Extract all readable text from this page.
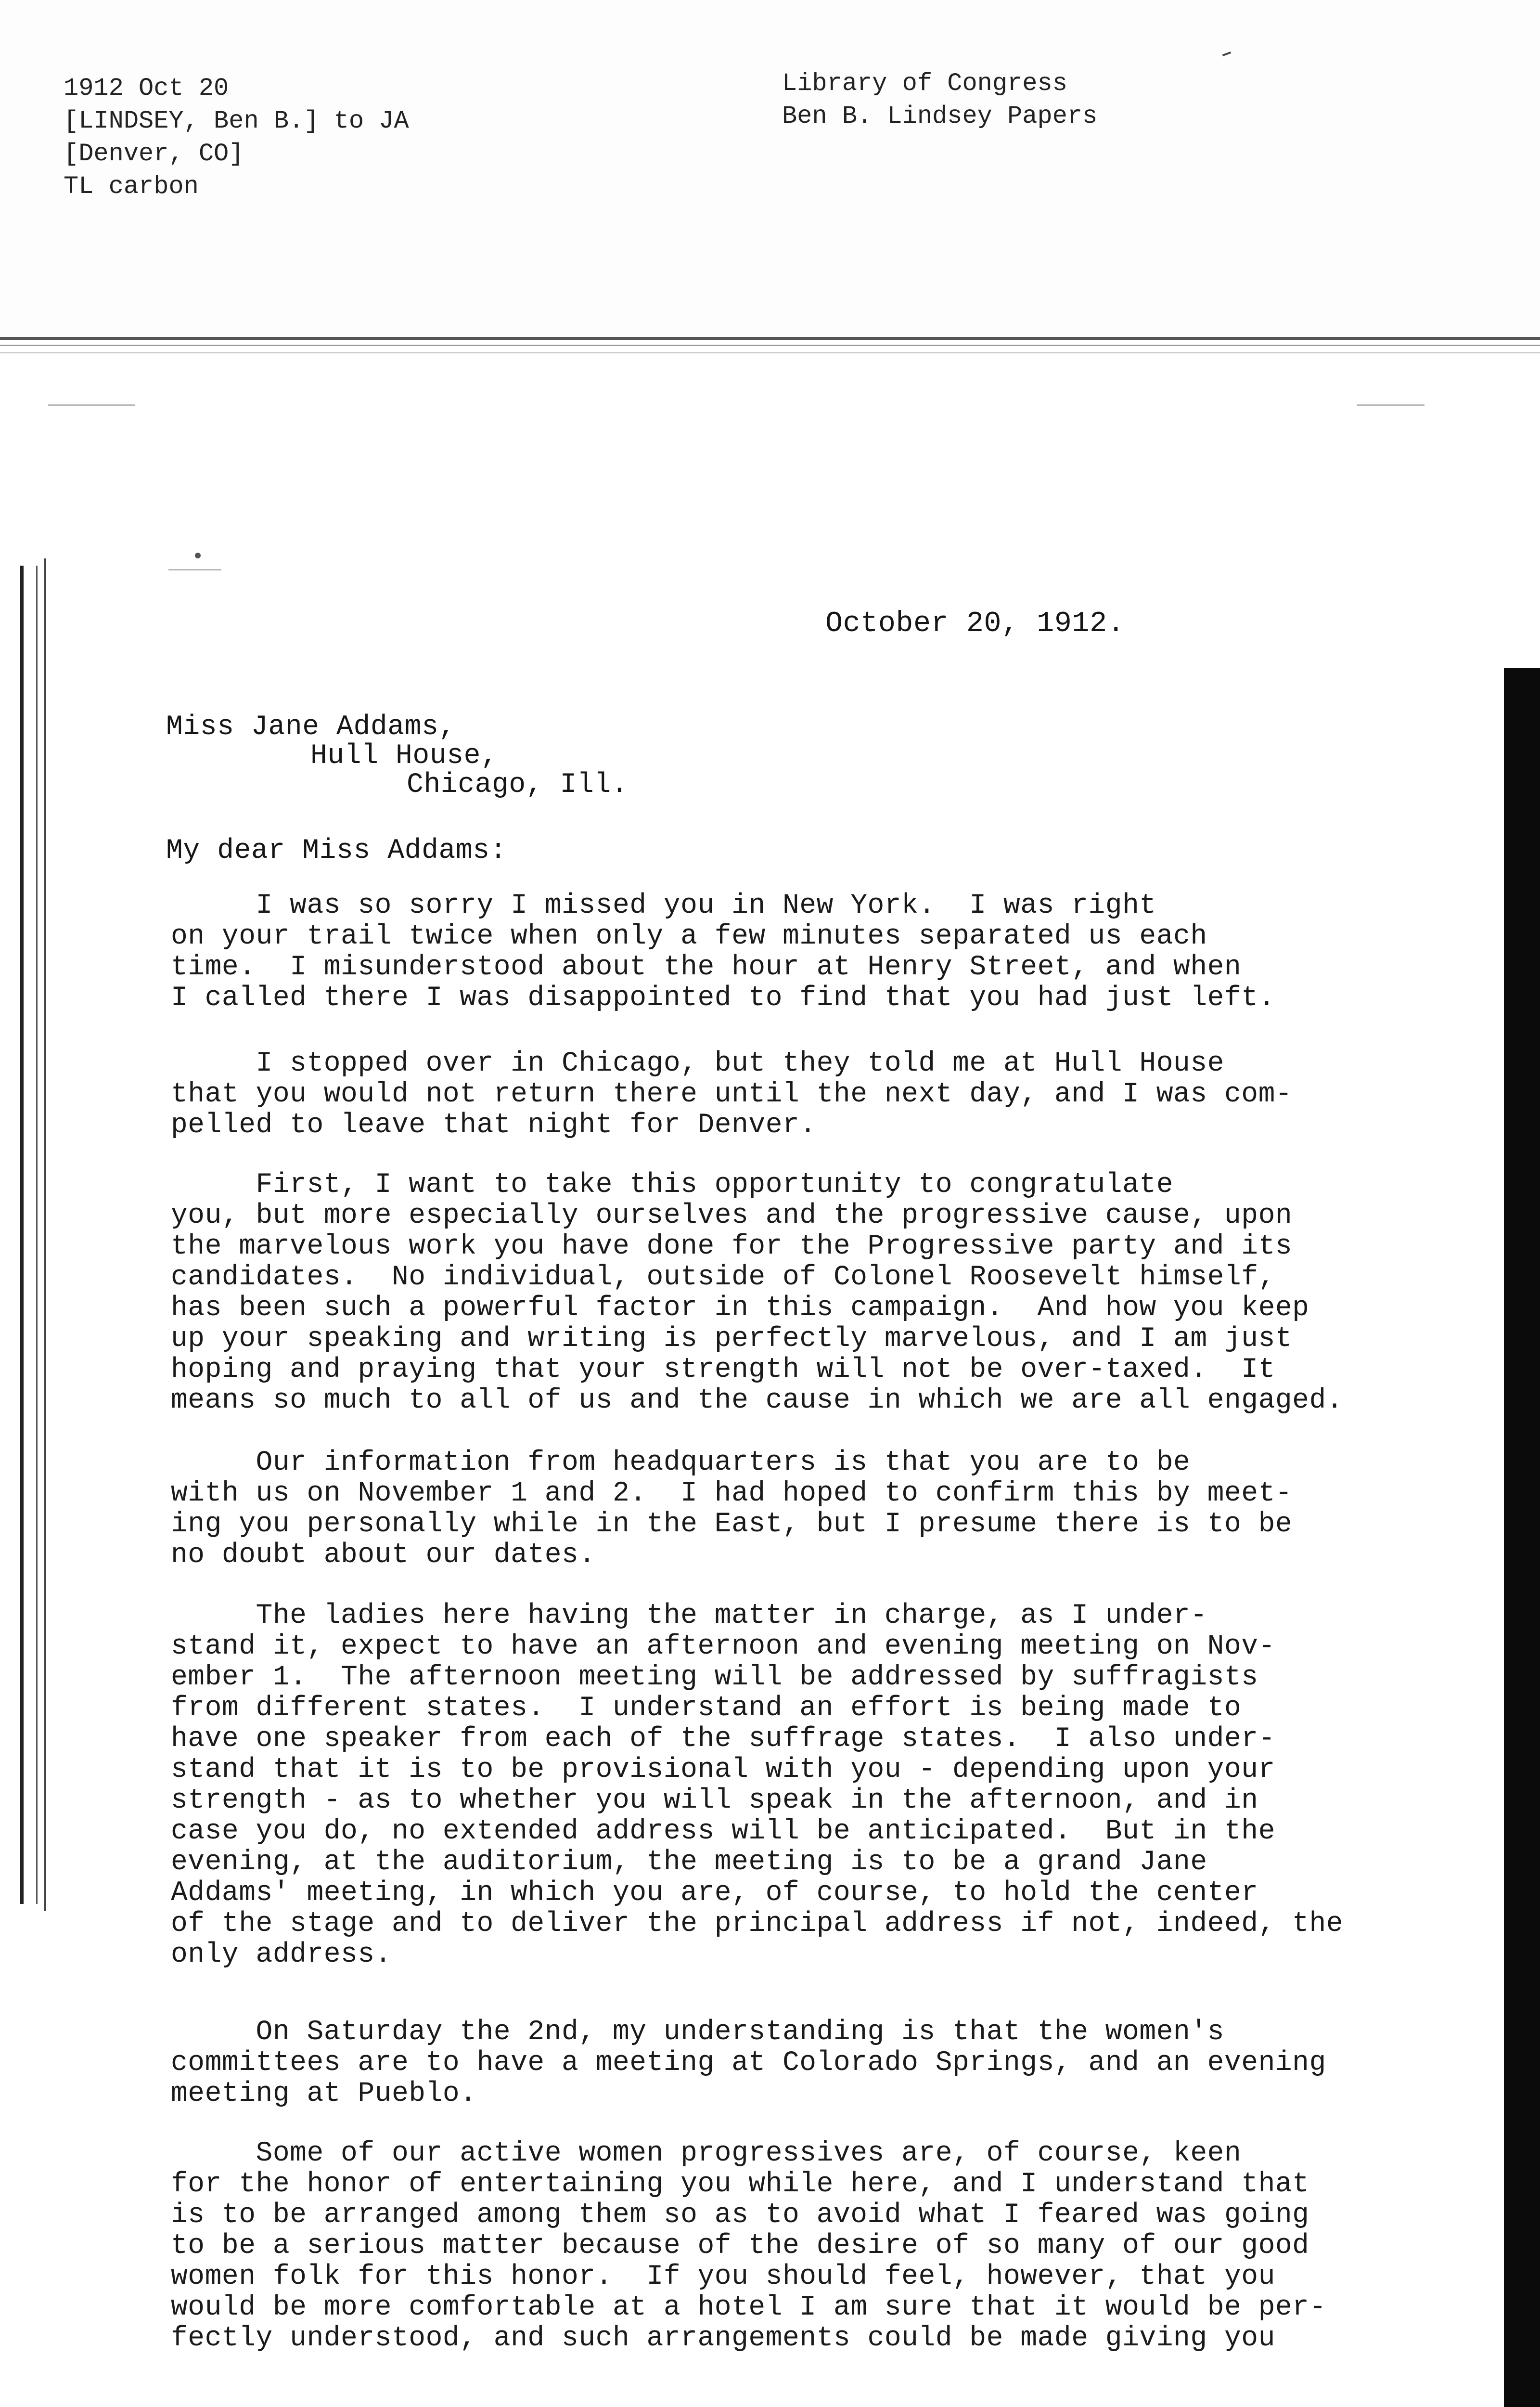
1912 Oct 20
[LINDSEY, Ben B.] to JA
[Denver, CO]
TL carbon
Library of Congress
Ben B. Lindsey Papers
October 20, 1912.
Miss Jane Addams,
Hull House,
Chicago, Ill.
My dear Miss Addams:
I was so sorry I missed you in New York.  I was right
on your trail twice when only a few minutes separated us each
time.  I misunderstood about the hour at Henry Street, and when
I called there I was disappointed to find that you had just left.
I stopped over in Chicago, but they told me at Hull House
that you would not return there until the next day, and I was com-
pelled to leave that night for Denver.
First, I want to take this opportunity to congratulate
you, but more especially ourselves and the progressive cause, upon
the marvelous work you have done for the Progressive party and its
candidates.  No individual, outside of Colonel Roosevelt himself,
has been such a powerful factor in this campaign.  And how you keep
up your speaking and writing is perfectly marvelous, and I am just
hoping and praying that your strength will not be over-taxed.  It
means so much to all of us and the cause in which we are all engaged.
Our information from headquarters is that you are to be
with us on November 1 and 2.  I had hoped to confirm this by meet-
ing you personally while in the East, but I presume there is to be
no doubt about our dates.
The ladies here having the matter in charge, as I under-
stand it, expect to have an afternoon and evening meeting on Nov-
ember 1.  The afternoon meeting will be addressed by suffragists
from different states.  I understand an effort is being made to
have one speaker from each of the suffrage states.  I also under-
stand that it is to be provisional with you - depending upon your
strength - as to whether you will speak in the afternoon, and in
case you do, no extended address will be anticipated.  But in the
evening, at the auditorium, the meeting is to be a grand Jane
Addams' meeting, in which you are, of course, to hold the center
of the stage and to deliver the principal address if not, indeed, the
only address.
On Saturday the 2nd, my understanding is that the women's
committees are to have a meeting at Colorado Springs, and an evening
meeting at Pueblo.
Some of our active women progressives are, of course, keen
for the honor of entertaining you while here, and I understand that
is to be arranged among them so as to avoid what I feared was going
to be a serious matter because of the desire of so many of our good
women folk for this honor.  If you should feel, however, that you
would be more comfortable at a hotel I am sure that it would be per-
fectly understood, and such arrangements could be made giving you
